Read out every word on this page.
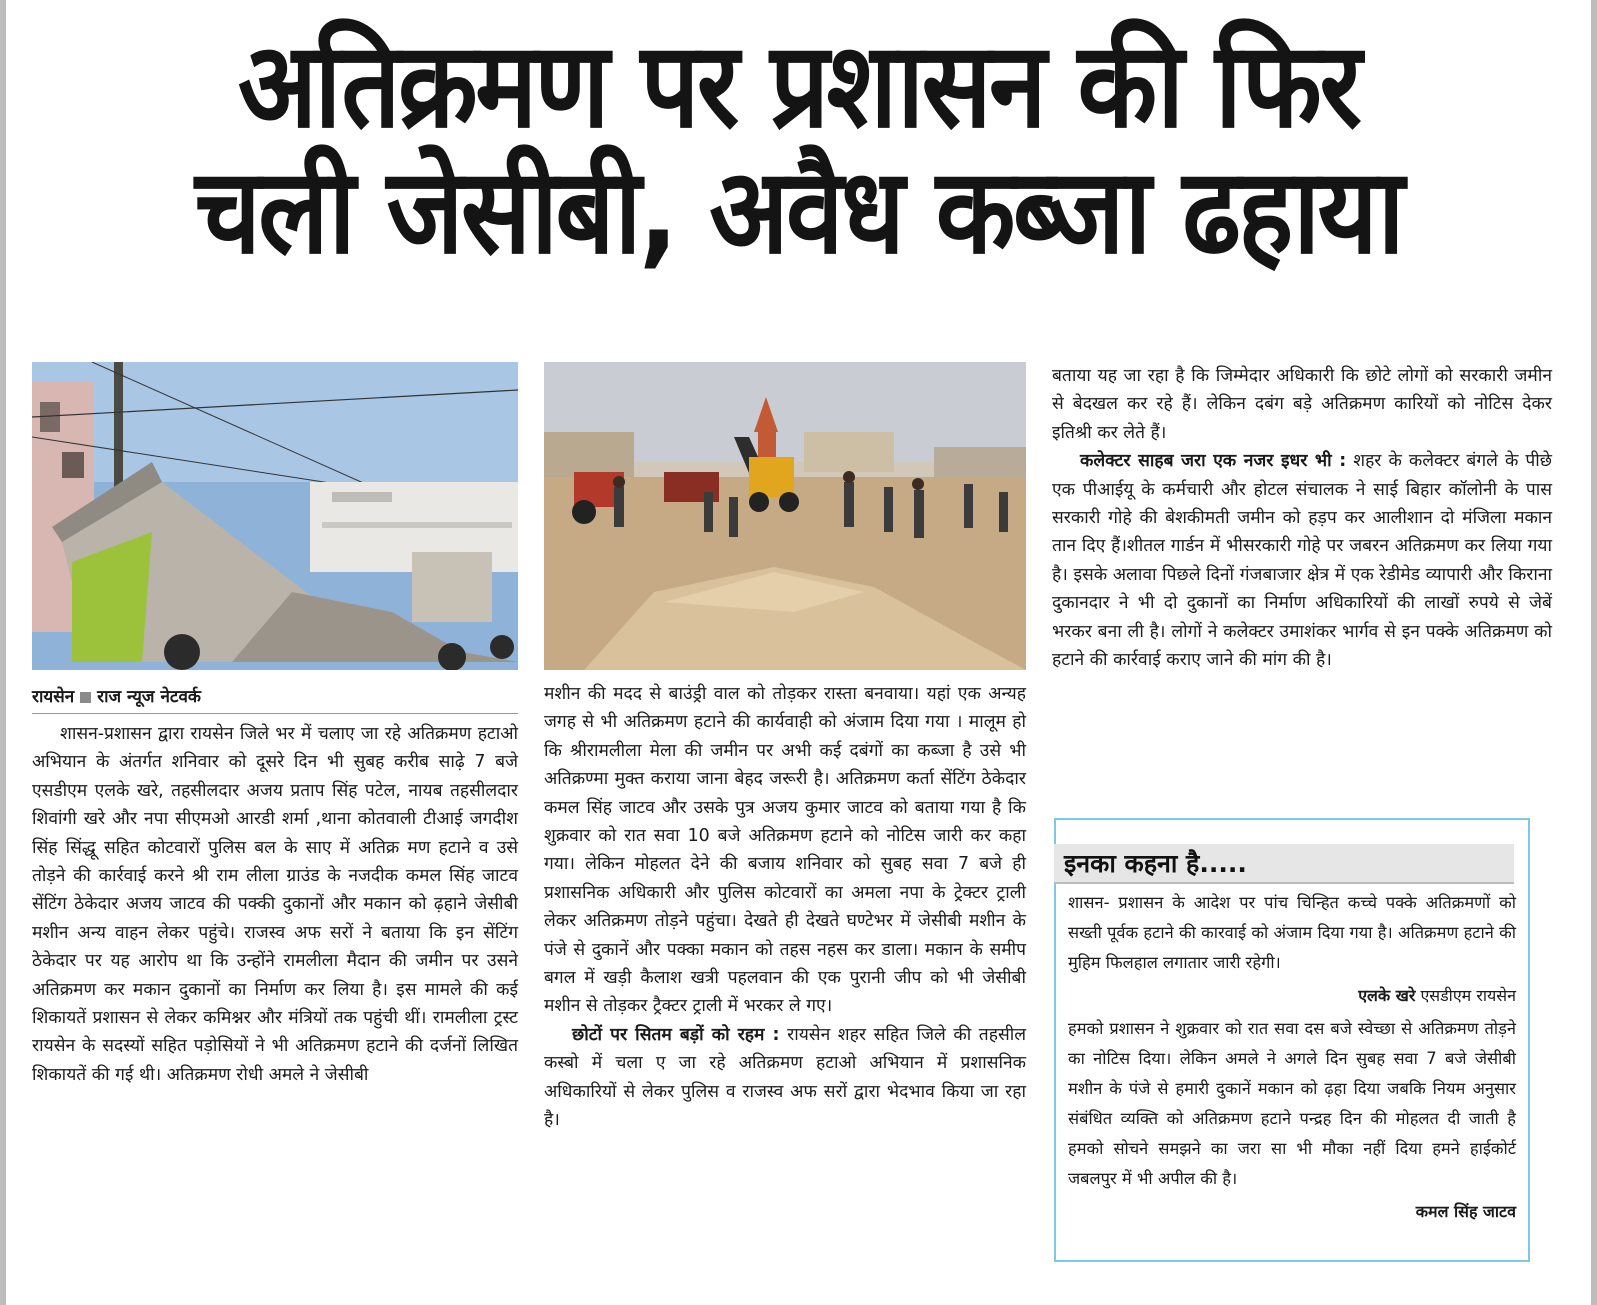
अतिक्रमण पर प्रशासन की फिर
चली जेसीबी, अवैध कब्जा ढहाया
रायसेन राज न्यूज नेटवर्क

शासन-प्रशासन द्वारा रायसेन जिले भर में चलाए जा रहे अतिक्रमण हटाओ अभियान के अंतर्गत शनिवार को दूसरे दिन भी सुबह करीब साढ़े 7 बजे एसडीएम एलके खरे, तहसीलदार अजय प्रताप सिंह पटेल, नायब तहसीलदार शिवांगी खरे और नपा सीएमओ आरडी शर्मा ,थाना कोतवाली टीआई जगदीश सिंह सिंद्धू सहित कोटवारों पुलिस बल के साए में अतिक्र मण हटाने व उसे तोड़ने की कार्रवाई करने श्री राम लीला ग्राउंड के नजदीक कमल सिंह जाटव सेंटिंग ठेकेदार अजय जाटव की पक्की दुकानों और मकान को ढ़हाने जेसीबी मशीन अन्य वाहन लेकर पहुंचे। राजस्व अफ सरों ने बताया कि इन सेंटिंग ठेकेदार पर यह आरोप था कि उन्होंने रामलीला मैदान की जमीन पर उसने अतिक्रमण कर मकान दुकानों का निर्माण कर लिया है। इस मामले की कई शिकायतें प्रशासन से लेकर कमिश्नर और मंत्रियों तक पहुंची थीं। रामलीला ट्रस्ट रायसेन के सदस्यों सहित पड़ोसियों ने भी अतिक्रमण हटाने की दर्जनों लिखित शिकायतें की गई थी। अतिक्रमण रोधी अमले ने जेसीबी

मशीन की मदद से बाउंड्री वाल को तोड़कर रास्ता बनवाया। यहां एक अन्यह जगह से भी अतिक्रमण हटाने की कार्यवाही को अंजाम दिया गया । मालूम हो कि श्रीरामलीला मेला की जमीन पर अभी कई दबंगों का कब्जा है उसे भी अतिक्रण्मा मुक्त कराया जाना बेहद जरूरी है। अतिक्रमण कर्ता सेंटिंग ठेकेदार कमल सिंह जाटव और उसके पुत्र अजय कुमार जाटव को बताया गया है कि शुक्रवार को रात सवा 10 बजे अतिक्रमण हटाने को नोटिस जारी कर कहा गया। लेकिन मोहलत देने की बजाय शनिवार को सुबह सवा 7 बजे ही प्रशासनिक अधिकारी और पुलिस कोटवारों का अमला नपा के ट्रेक्टर ट्राली लेकर अतिक्रमण तोड़ने पहुंचा। देखते ही देखते घण्टेभर में जेसीबी मशीन के पंजे से दुकानें और पक्का मकान को तहस नहस कर डाला। मकान के समीप बगल में खड़ी कैलाश खत्री पहलवान की एक पुरानी जीप को भी जेसीबी मशीन से तोड़कर ट्रैक्टर ट्राली में भरकर ले गए।
छोटों पर सितम बड़ों को रहम : रायसेन शहर सहित जिले की तहसील कस्बो में चला ए जा रहे अतिक्रमण हटाओ अभियान में प्रशासनिक अधिकारियों से लेकर पुलिस व राजस्व अफ सरों द्वारा भेदभाव किया जा रहा है।

बताया यह जा रहा है कि जिम्मेदार अधिकारी कि छोटे लोगों को सरकारी जमीन से बेदखल कर रहे हैं। लेकिन दबंग बड़े अतिक्रमण कारियों को नोटिस देकर इतिश्री कर लेते हैं।
कलेक्टर साहब जरा एक नजर इधर भी : शहर के कलेक्टर बंगले के पीछे एक पीआईयू के कर्मचारी और होटल संचालक ने साई बिहार कॉलोनी के पास सरकारी गोहे की बेशकीमती जमीन को हड़प कर आलीशान दो मंजिला मकान तान दिए हैं।शीतल गार्डन में भीसरकारी गोहे पर जबरन अतिक्रमण कर लिया गया है। इसके अलावा पिछले दिनों गंजबाजार क्षेत्र में एक रेडीमेड व्यापारी और किराना दुकानदार ने भी दो दुकानों का निर्माण अधिकारियों की लाखों रुपये से जेबें भरकर बना ली है। लोगों ने कलेक्टर उमाशंकर भार्गव से इन पक्के अतिक्रमण को हटाने की कार्रवाई कराए जाने की मांग की है।

इनका कहना है.....
शासन- प्रशासन के आदेश पर पांच चिन्हित कच्चे पक्के अतिक्रमणों को सख्ती पूर्वक हटाने की कारवाई को अंजाम दिया गया है। अतिक्रमण हटाने की मुहिम फिलहाल लगातार जारी रहेगी।
एलके खरे एसडीएम रायसेन
हमको प्रशासन ने शुक्रवार को रात सवा दस बजे स्वेच्छा से अतिक्रमण तोड़ने का नोटिस दिया। लेकिन अमले ने अगले दिन सुबह सवा 7 बजे जेसीबी मशीन के पंजे से हमारी दुकानें मकान को ढ़हा दिया जबकि नियम अनुसार संबंधित व्यक्ति को अतिक्रमण हटाने पन्द्रह दिन की मोहलत दी जाती है हमको सोचने समझने का जरा सा भी मौका नहीं दिया हमने हाईकोर्ट जबलपुर में भी अपील की है।
कमल सिंह जाटव
